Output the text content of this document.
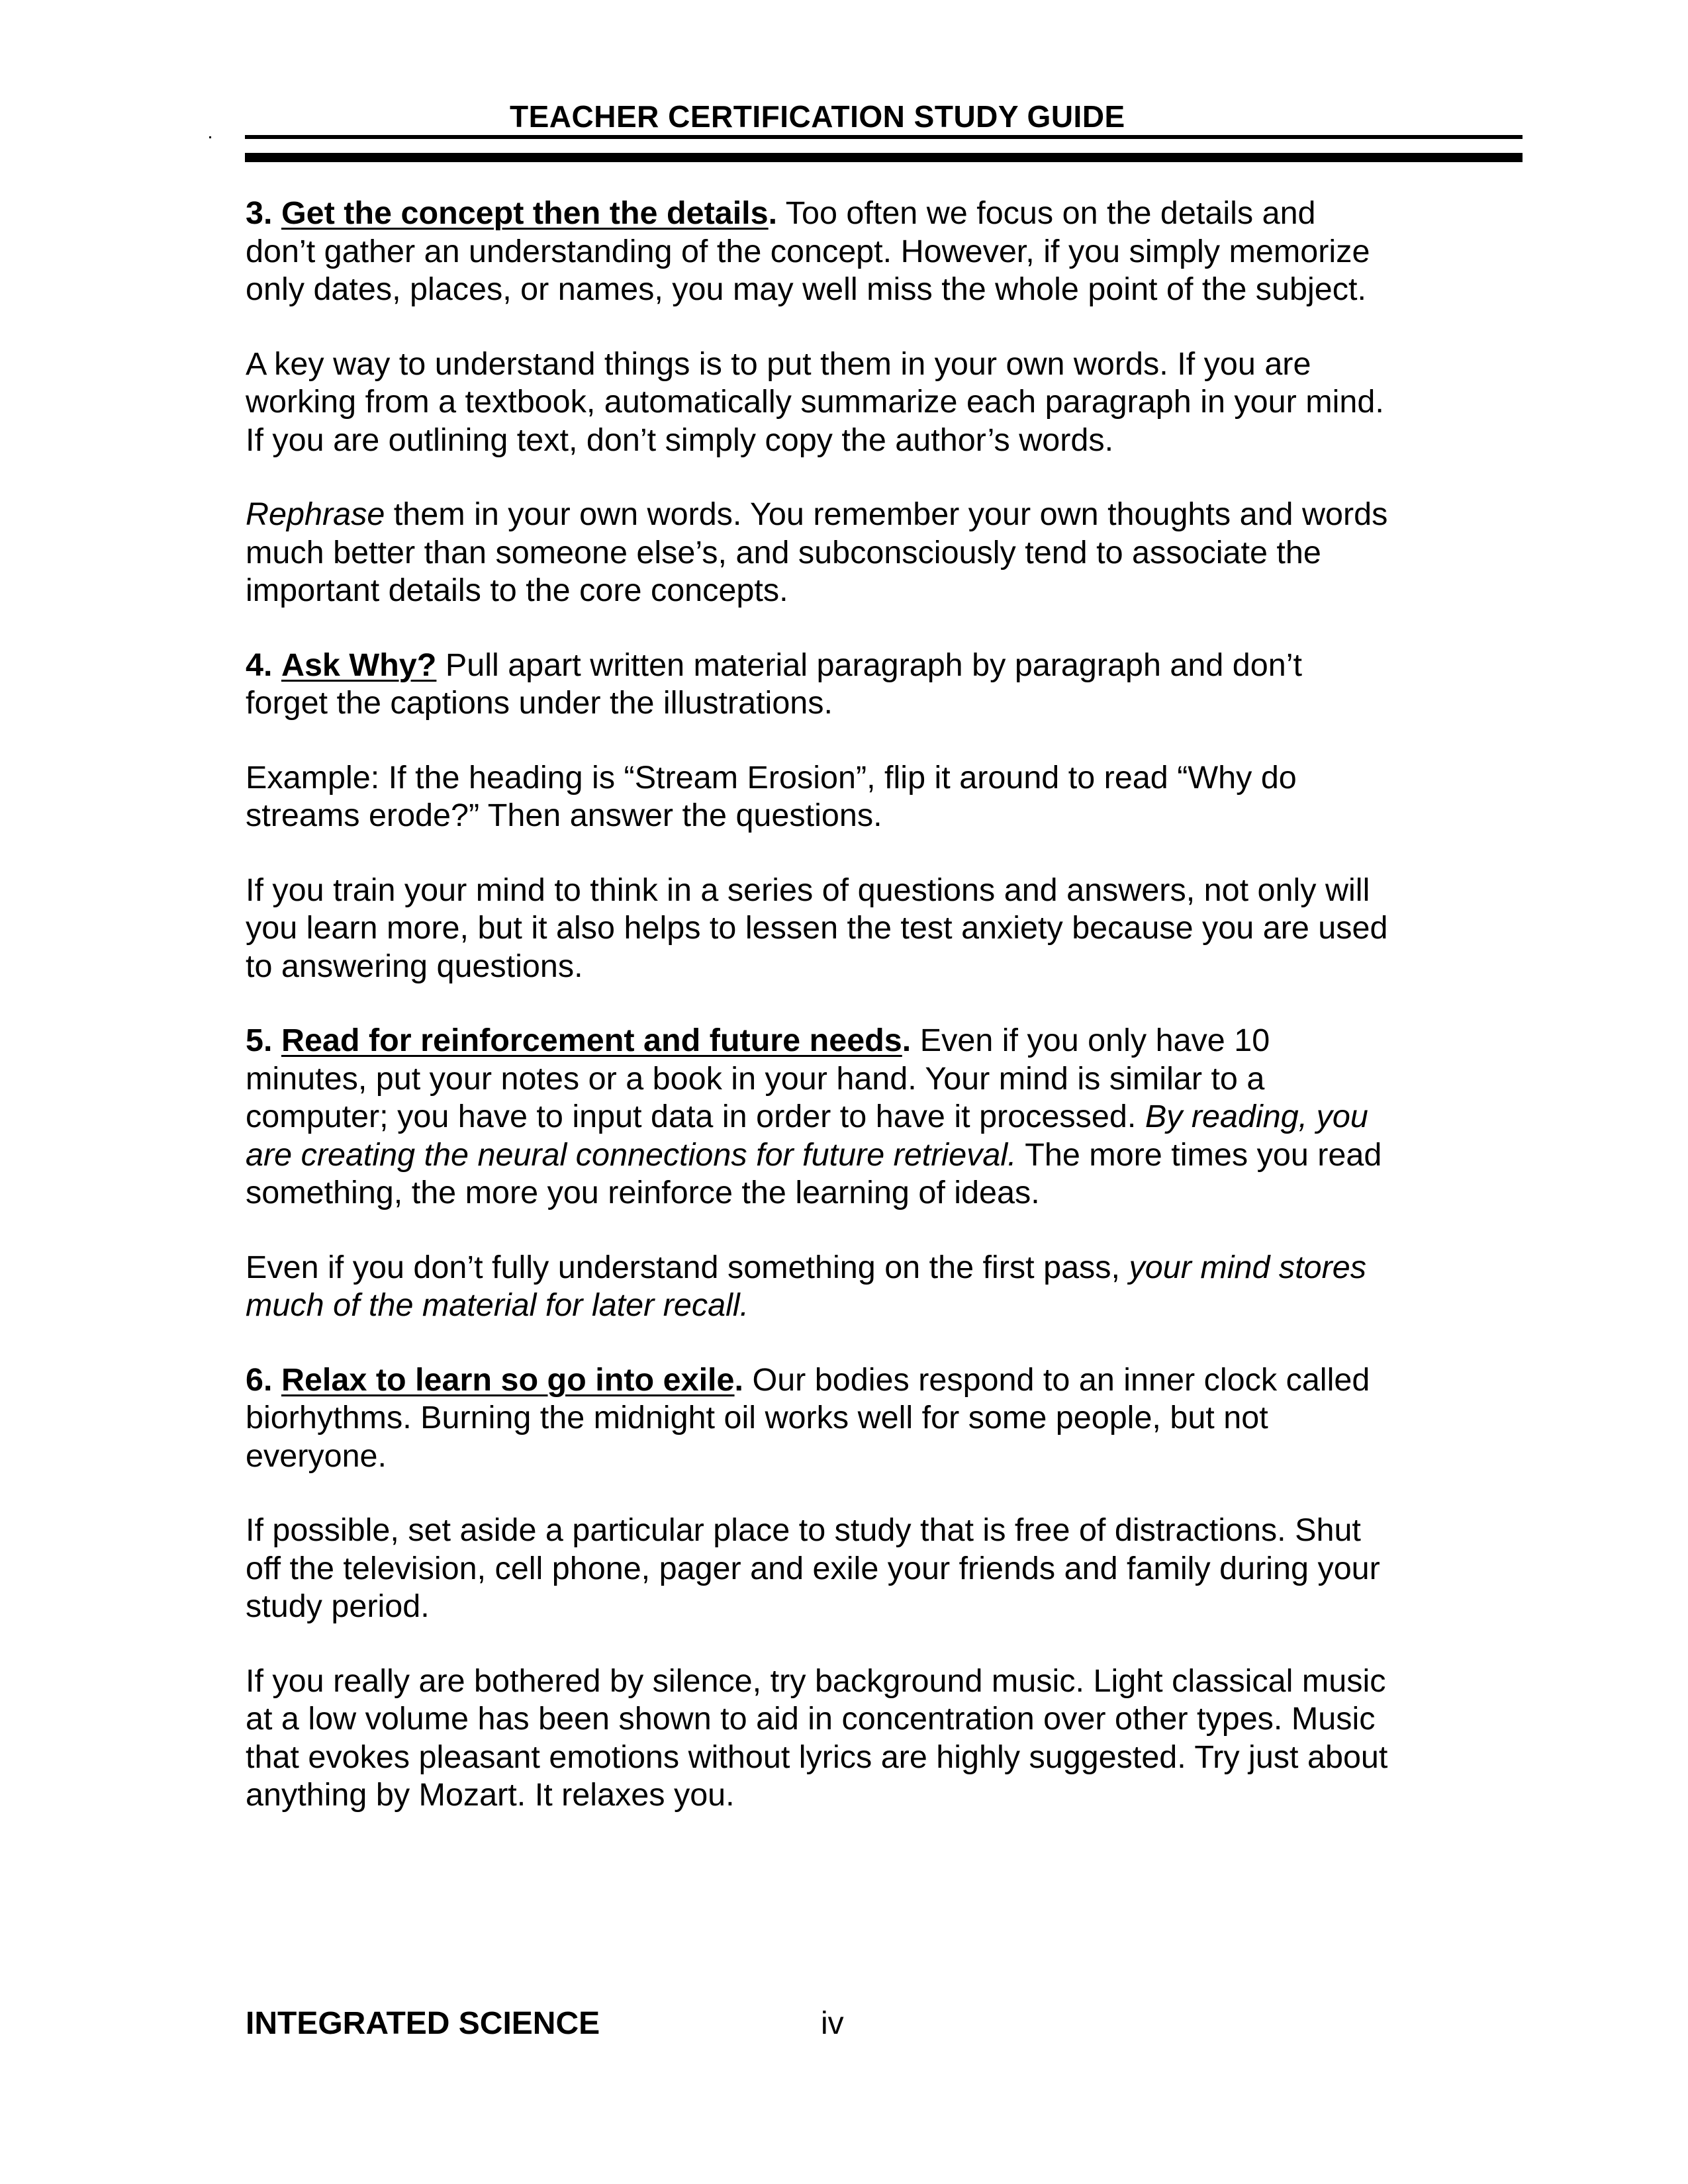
TEACHER CERTIFICATION STUDY GUIDE

3. Get the concept then the details. Too often we focus on the details and
don’t gather an understanding of the concept. However, if you simply memorize
only dates, places, or names, you may well miss the whole point of the subject.

A key way to understand things is to put them in your own words. If you are
working from a textbook, automatically summarize each paragraph in your mind.
If you are outlining text, don’t simply copy the author’s words.

Rephrase them in your own words. You remember your own thoughts and words
much better than someone else’s, and subconsciously tend to associate the
important details to the core concepts.

4. Ask Why? Pull apart written material paragraph by paragraph and don’t
forget the captions under the illustrations.

Example: If the heading is “Stream Erosion”, flip it around to read “Why do
streams erode?” Then answer the questions.

If you train your mind to think in a series of questions and answers, not only will
you learn more, but it also helps to lessen the test anxiety because you are used
to answering questions.

5. Read for reinforcement and future needs. Even if you only have 10
minutes, put your notes or a book in your hand. Your mind is similar to a
computer; you have to input data in order to have it processed. By reading, you
are creating the neural connections for future retrieval. The more times you read
something, the more you reinforce the learning of ideas.

Even if you don’t fully understand something on the first pass, your mind stores
much of the material for later recall.

6. Relax to learn so go into exile. Our bodies respond to an inner clock called
biorhythms. Burning the midnight oil works well for some people, but not
everyone.

If possible, set aside a particular place to study that is free of distractions. Shut
off the television, cell phone, pager and exile your friends and family during your
study period.

If you really are bothered by silence, try background music. Light classical music
at a low volume has been shown to aid in concentration over other types. Music
that evokes pleasant emotions without lyrics are highly suggested. Try just about
anything by Mozart. It relaxes you.

INTEGRATED SCIENCE	iv
